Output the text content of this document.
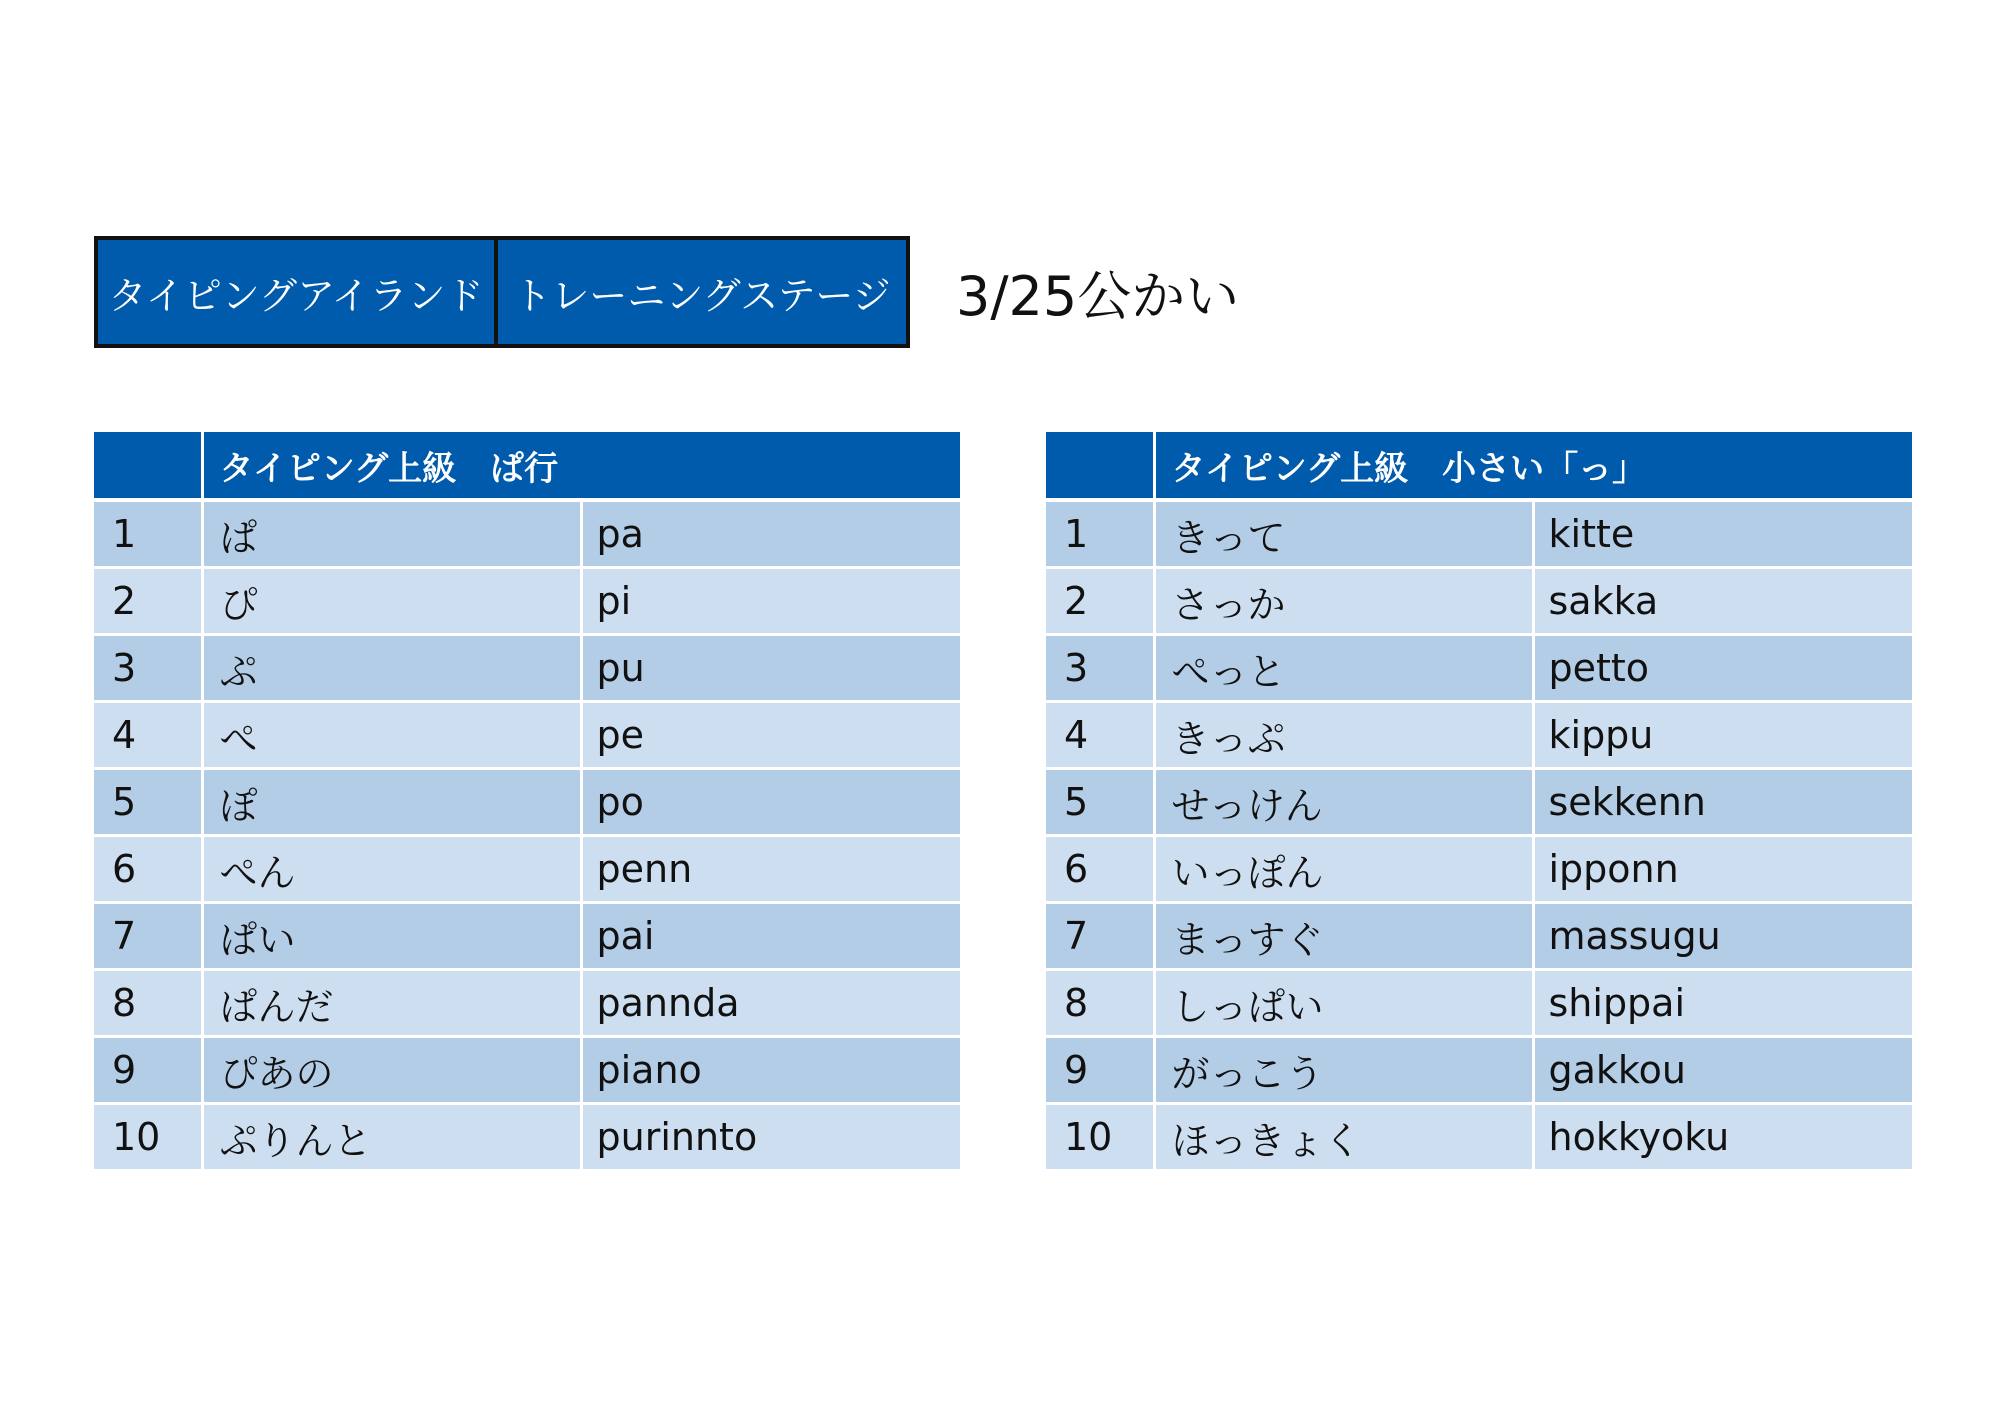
タイピングアイランド トレーニングステージ 3/25公かい
	タイピング上級　ぱ行	
1	ぱ	pa
2	ぴ	pi
3	ぷ	pu
4	ぺ	pe
5	ぽ	po
6	ぺん	penn
7	ぱい	pai
8	ぱんだ	pannda
9	ぴあの	piano
10	ぷりんと	purinnto
	タイピング上級　小さい「っ」	
1	きって	kitte
2	さっか	sakka
3	ぺっと	petto
4	きっぷ	kippu
5	せっけん	sekkenn
6	いっぽん	ipponn
7	まっすぐ	massugu
8	しっぱい	shippai
9	がっこう	gakkou
10	ほっきょく	hokkyoku
